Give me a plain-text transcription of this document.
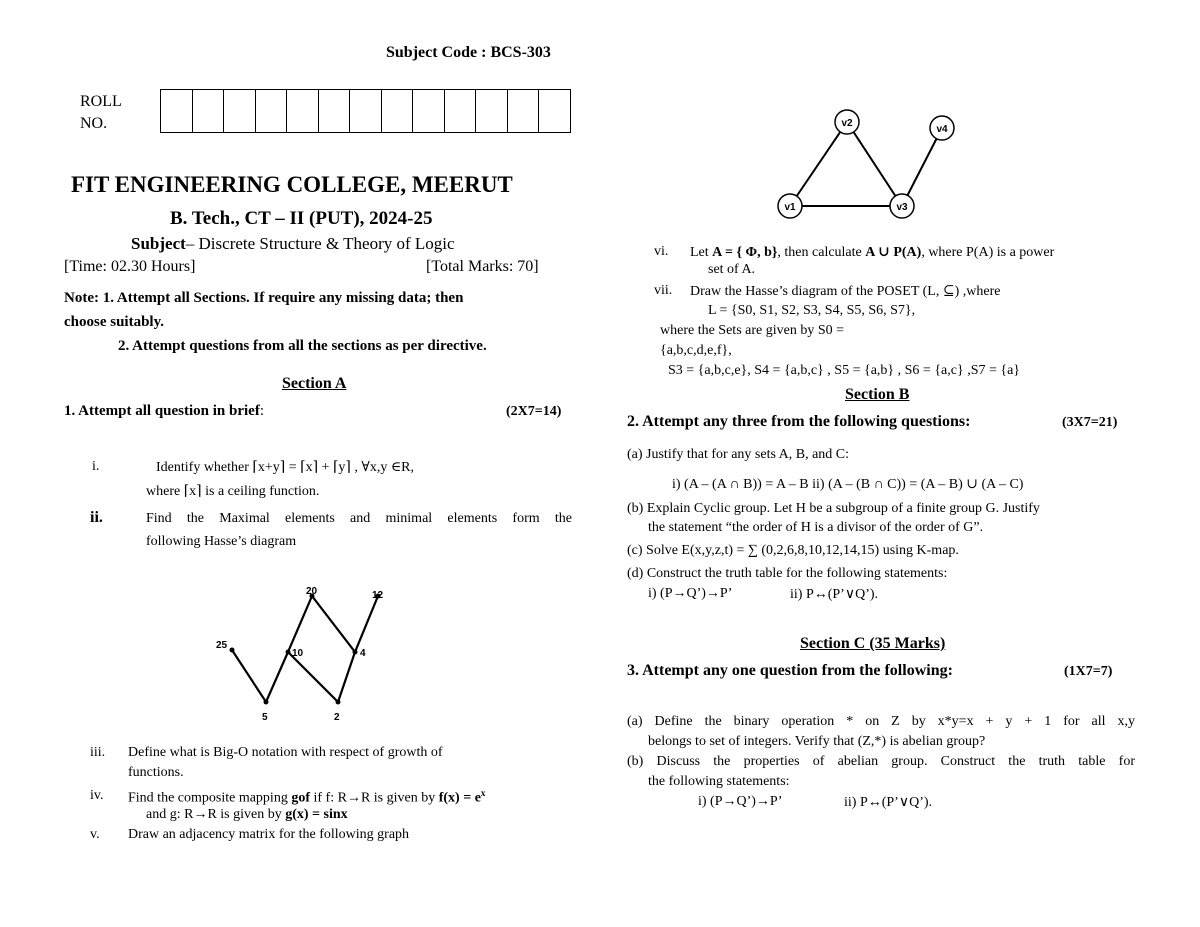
Subject Code : BCS-303
ROLL
NO.
FIT ENGINEERING COLLEGE, MEERUT
B. Tech., CT – II (PUT), 2024-25
Subject– Discrete Structure & Theory of Logic
[Time: 02.30 Hours]	[Total Marks: 70]
Note: 1. Attempt all Sections. If require any missing data; then
choose suitably.
2. Attempt questions from all the sections as per directive.
Section A
1. Attempt all question in brief:	(2X7=14)
i.	Identify whether ⌈x+y⌉ = ⌈x⌉ + ⌈y⌉ , ∀x,y ∈R,
where ⌈x⌉ is a ceiling function.
ii.	Find the Maximal elements and minimal elements form the
following Hasse’s diagram
20	12
25
10	4
5	2
iii. Define what is Big-O notation with respect of growth of
functions.
iv. Find the composite mapping gof if f: R→R is given by $f(x) = e^x$
and g: R→R is given by g(x) = sinx
v. Draw an adjacency matrix for the following graph
v2
v4
v1	v3
vi. Let A = { Φ, b}, then calculate A ∪ P(A), where P(A) is a power
set of A.
vii. Draw the Hasse’s diagram of the POSET (L, ⊆) ,where
L = {S0, S1, S2, S3, S4, S5, S6, S7},
where the Sets are given by S0 =
{a,b,c,d,e,f},
S3 = {a,b,c,e}, S4 = {a,b,c} , S5 = {a,b} , S6 = {a,c} ,S7 = {a}
Section B
2. Attempt any three from the following questions:	(3X7=21)
(a) Justify that for any sets A, B, and C:
i) (A – (A ∩ B)) = A – B ii) (A – (B ∩ C)) = (A – B) ∪ (A – C)
(b) Explain Cyclic group. Let H be a subgroup of a finite group G. Justify
the statement “the order of H is a divisor of the order of G”.
(c) Solve E(x,y,z,t) = ∑ (0,2,6,8,10,12,14,15) using K-map.
(d) Construct the truth table for the following statements:
i) (P→Q’)→P’	ii) P↔(P’∨Q’).
Section C (35 Marks)
3. Attempt any one question from the following:	(1X7=7)
(a) Define the binary operation * on Z by x*y=x + y + 1 for all x,y
belongs to set of integers. Verify that (Z,*) is abelian group?
(b) Discuss the properties of abelian group. Construct the truth table for
the following statements:
i) (P→Q’)→P’	ii) P↔(P’∨Q’).
